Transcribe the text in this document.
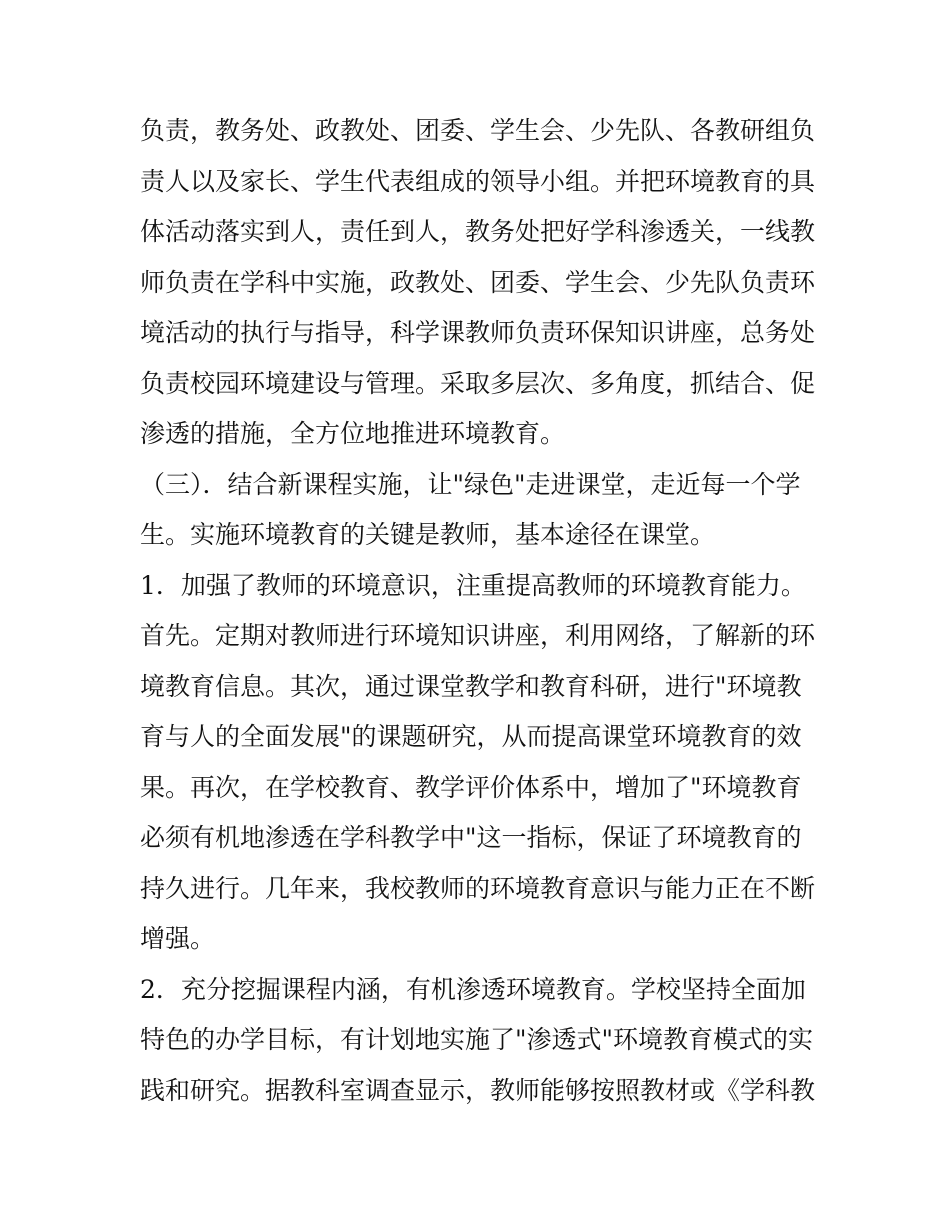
负责，教务处、政教处、团委、学生会、少先队、各教研组负
责人以及家长、学生代表组成的领导小组。并把环境教育的具
体活动落实到人，责任到人，教务处把好学科渗透关，一线教
师负责在学科中实施，政教处、团委、学生会、少先队负责环
境活动的执行与指导，科学课教师负责环保知识讲座，总务处
负责校园环境建设与管理。采取多层次、多角度，抓结合、促
渗透的措施，全方位地推进环境教育。
（三）．结合新课程实施，让"绿色"走进课堂，走近每一个学
生。实施环境教育的关键是教师，基本途径在课堂。
1．加强了教师的环境意识，注重提高教师的环境教育能力。
首先。定期对教师进行环境知识讲座，利用网络，了解新的环
境教育信息。其次，通过课堂教学和教育科研，进行"环境教
育与人的全面发展"的课题研究，从而提高课堂环境教育的效
果。再次，在学校教育、教学评价体系中，增加了"环境教育
必须有机地渗透在学科教学中"这一指标，保证了环境教育的
持久进行。几年来，我校教师的环境教育意识与能力正在不断
增强。
2．充分挖掘课程内涵，有机渗透环境教育。学校坚持全面加
特色的办学目标，有计划地实施了"渗透式"环境教育模式的实
践和研究。据教科室调查显示，教师能够按照教材或《学科教
